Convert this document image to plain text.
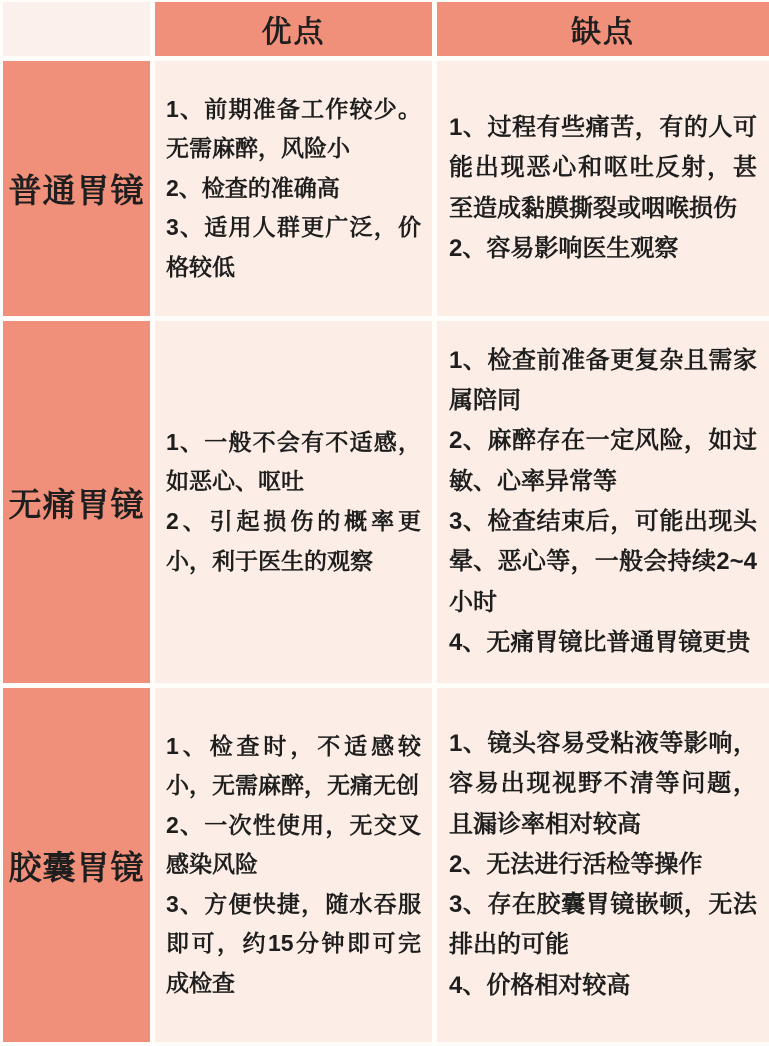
优点	缺点
普通胃镜

1、前期准备工作较少。无需麻醉，风险小

2、检查的准确高

3、适用人群更广泛，价格较低

1、过程有些痛苦，有的人可能出现恶心和呕吐反射，甚至造成黏膜撕裂或咽喉损伤

2、容易影响医生观察

无痛胃镜

1、一般不会有不适感，如恶心、呕吐

2、引起损伤的概率更小，利于医生的观察

1、检查前准备更复杂且需家属陪同

2、麻醉存在一定风险，如过敏、心率异常等

3、检查结束后，可能出现头晕、恶心等，一般会持续2~4小时

4、无痛胃镜比普通胃镜更贵

胶囊胃镜

1、检查时，不适感较小，无需麻醉，无痛无创

2、一次性使用，无交叉感染风险

3、方便快捷，随水吞服即可，约15分钟即可完成检查

1、镜头容易受粘液等影响，容易出现视野不清等问题，且漏诊率相对较高

2、无法进行活检等操作

3、存在胶囊胃镜嵌顿，无法排出的可能

4、价格相对较高
